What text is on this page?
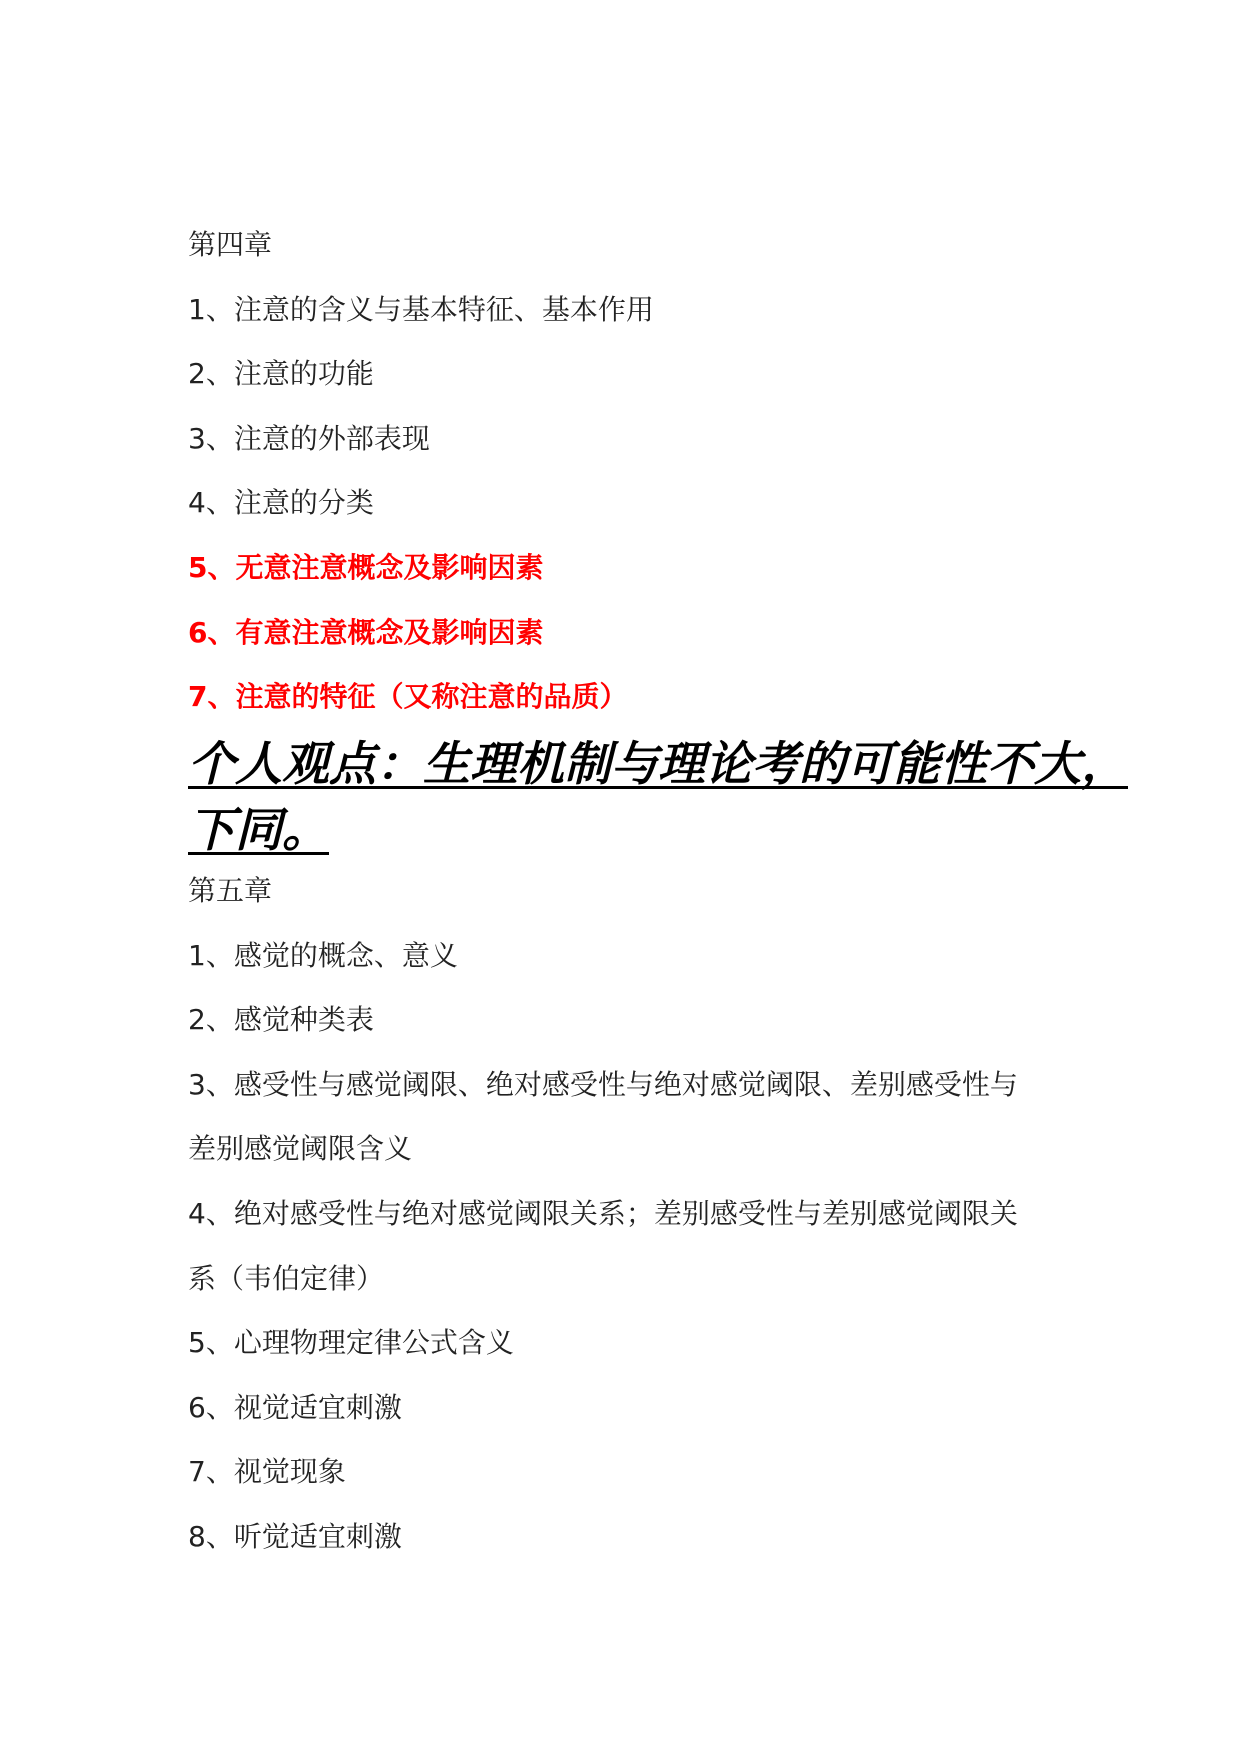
第四章
1、注意的含义与基本特征、基本作用
2、注意的功能
3、注意的外部表现
4、注意的分类
5、无意注意概念及影响因素
6、有意注意概念及影响因素
7、注意的特征（又称注意的品质）
个人观点：生理机制与理论考的可能性不大，
下同。
第五章
1、感觉的概念、意义
2、感觉种类表
3、感受性与感觉阈限、绝对感受性与绝对感觉阈限、差别感受性与
差别感觉阈限含义
4、绝对感受性与绝对感觉阈限关系；差别感受性与差别感觉阈限关
系（韦伯定律）
5、心理物理定律公式含义
6、视觉适宜刺激
7、视觉现象
8、听觉适宜刺激
